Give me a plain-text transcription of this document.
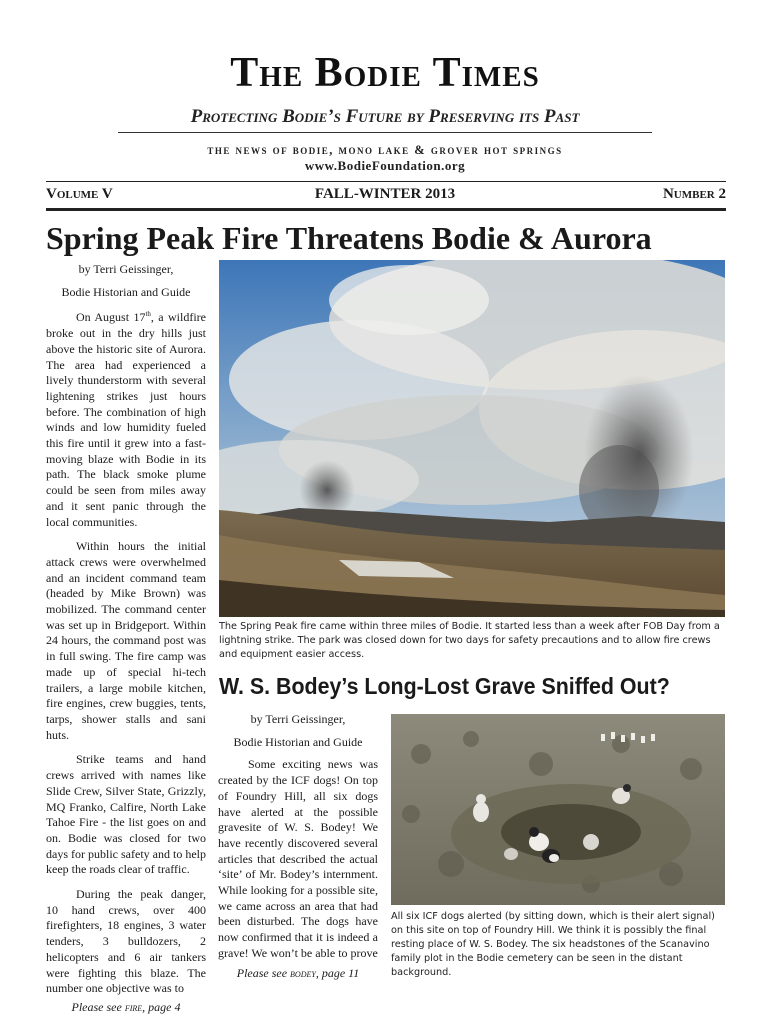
The Bodie Times
Protecting Bodie’s Future by Preserving its Past
the news of bodie, mono lake & grover hot springs
www.BodieFoundation.org
Volume V	FALL-WINTER 2013	Number 2
Spring Peak Fire Threatens Bodie & Aurora
by Terri Geissinger,
Bodie Historian and Guide

On August 17th, a wildfire broke out in the dry hills just above the historic site of Aurora. The area had experienced a lively thunderstorm with several lightening strikes just hours before. The combination of high winds and low humidity fueled this fire until it grew into a fast-moving blaze with Bodie in its path. The black smoke plume could be seen from miles away and it sent panic through the local communities.

Within hours the initial attack crews were overwhelmed and an incident command team (headed by Mike Brown) was mobilized. The command center was set up in Bridgeport. Within 24 hours, the command post was in full swing. The fire camp was made up of special hi-tech trailers, a large mobile kitchen, fire engines, crew buggies, tents, tarps, shower stalls and sani huts.

Strike teams and hand crews arrived with names like Slide Crew, Silver State, Grizzly, MQ Franko, Calfire, North Lake Tahoe Fire - the list goes on and on. Bodie was closed for two days for public safety and to help keep the roads clear of traffic.

During the peak danger, 10 hand crews, over 400 firefighters, 18 engines, 3 water tenders, 3 bulldozers, 2 helicopters and 6 air tankers were fighting this blaze. The number one objective was to

Please see fire, page 4
The Spring Peak fire came within three miles of Bodie. It started less than a week after FOB Day from a lightning strike. The park was closed down for two days for safety precautions and to allow fire crews and equipment easier access.
W. S. Bodey’s Long-Lost Grave Sniffed Out?
by Terri Geissinger,
Bodie Historian and Guide

Some exciting news was created by the ICF dogs! On top of Foundry Hill, all six dogs have alerted at the possible gravesite of W. S. Bodey! We have recently discovered several articles that described the actual ‘site’ of Mr. Bodey’s internment. While looking for a possible site, we came across an area that had been disturbed. The dogs have now confirmed that it is indeed a grave! We won’t be able to prove

Please see bodey, page 11
All six ICF dogs alerted (by sitting down, which is their alert signal) on this site on top of Foundry Hill. We think it is possibly the final resting place of W. S. Bodey. The six headstones of the Scanavino family plot in the Bodie cemetery can be seen in the distant background.
